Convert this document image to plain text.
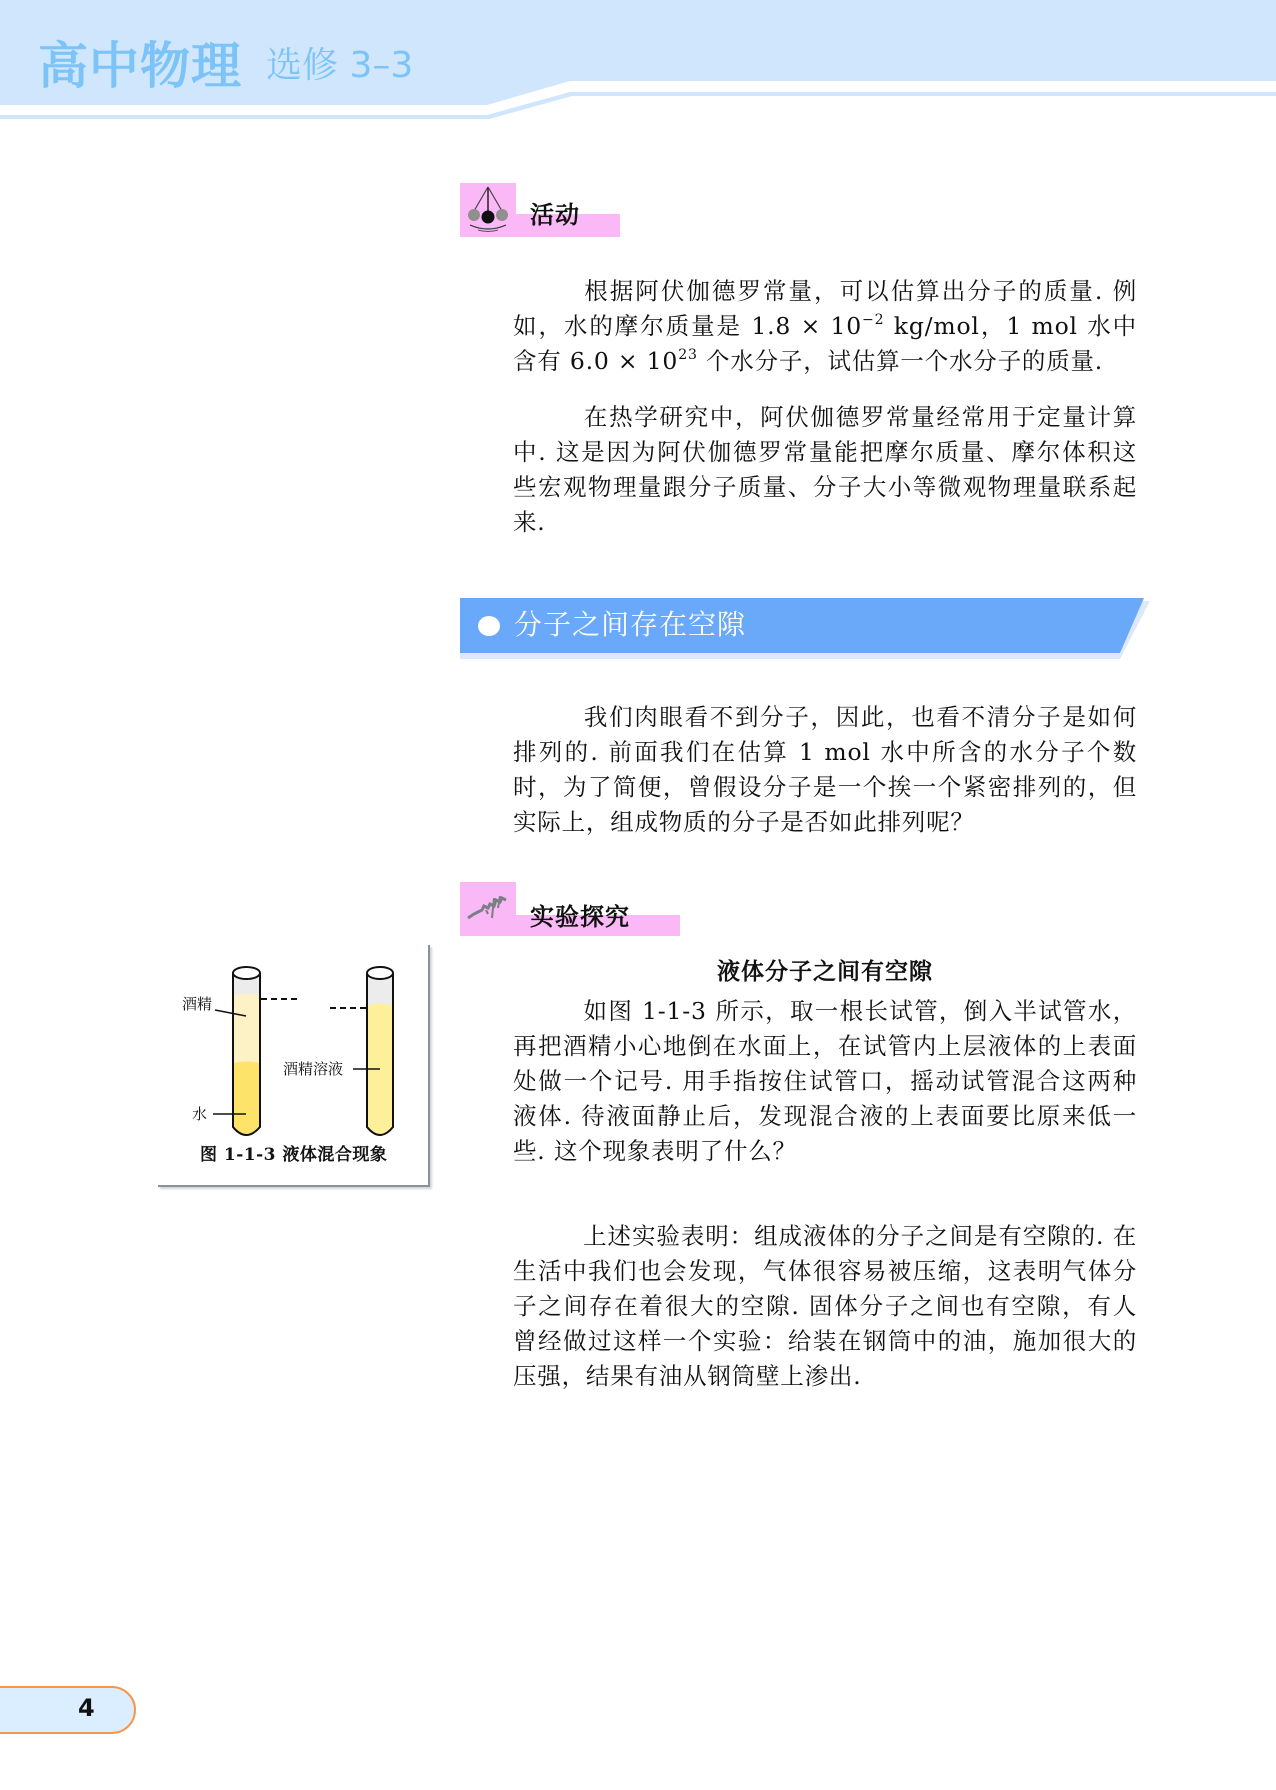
高中物理 选修 3–3
活动
根据阿伏伽德罗常量，可以估算出分子的质量. 例如，水的摩尔质量是 $1.8 \times 10^{-2}$ kg/mol，1 mol 水中含有 $6.0 \times 10^{23}$ 个水分子，试估算一个水分子的质量.
在热学研究中，阿伏伽德罗常量经常用于定量计算中. 这是因为阿伏伽德罗常量能把摩尔质量、摩尔体积这些宏观物理量跟分子质量、分子大小等微观物理量联系起来.
分子之间存在空隙
我们肉眼看不到分子，因此，也看不清分子是如何排列的. 前面我们在估算 1 mol 水中所含的水分子个数时，为了简便，曾假设分子是一个挨一个紧密排列的，但实际上，组成物质的分子是否如此排列呢？
实验探究
液体分子之间有空隙
如图 1-1-3 所示，取一根长试管，倒入半试管水，再把酒精小心地倒在水面上，在试管内上层液体的上表面处做一个记号. 用手指按住试管口，摇动试管混合这两种液体. 待液面静止后，发现混合液的上表面要比原来低一些. 这个现象表明了什么？
上述实验表明：组成液体的分子之间是有空隙的. 在生活中我们也会发现，气体很容易被压缩，这表明气体分子之间存在着很大的空隙. 固体分子之间也有空隙，有人曾经做过这样一个实验：给装在钢筒中的油，施加很大的压强，结果有油从钢筒壁上渗出.
酒精
水
酒精溶液
图 1-1-3 液体混合现象
4
